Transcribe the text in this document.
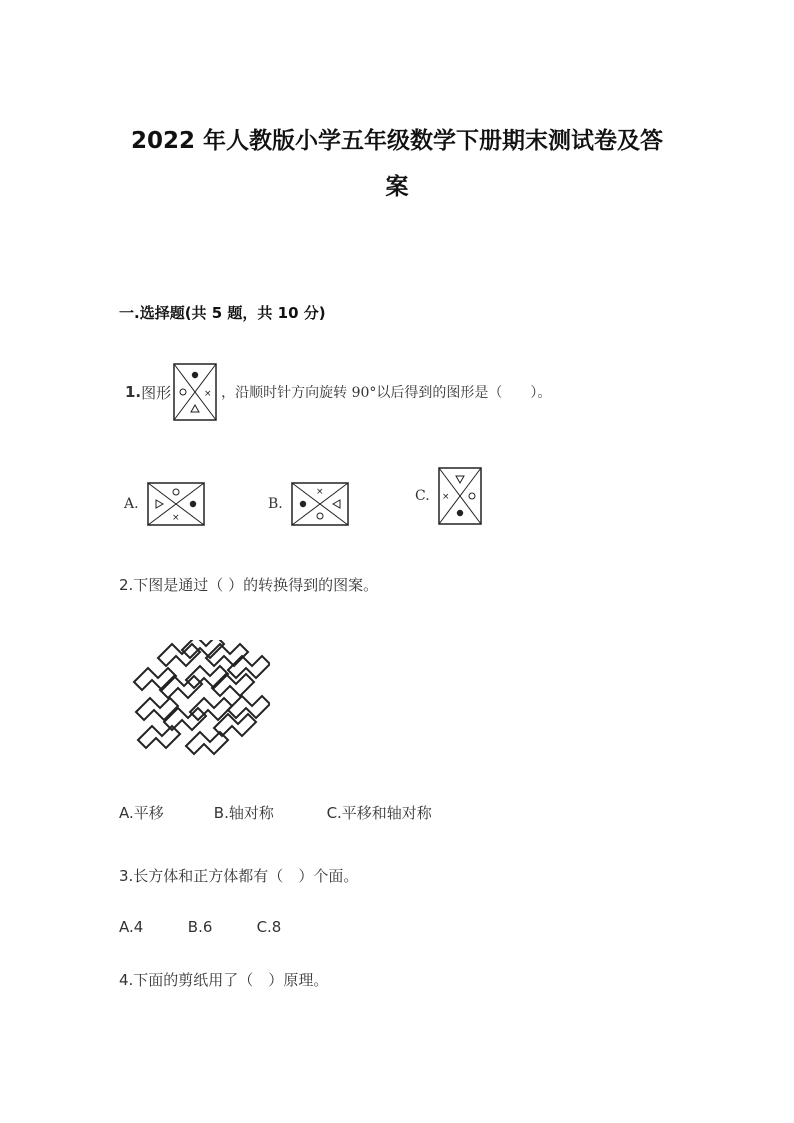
2022 年人教版小学五年级数学下册期末测试卷及答
案
一.选择题(共 5 题，共 10 分)
1. 图形	× ，沿顺时针方向旋转 90°以后得到的图形是（　　）。
A.
×
B.
×	C. ×
2.下图是通过（ ）的转换得到的图案。
A.平移	B.轴对称	C.平移和轴对称
3.长方体和正方体都有（　）个面。
A.4	B.6	C.8
4.下面的剪纸用了（　）原理。
